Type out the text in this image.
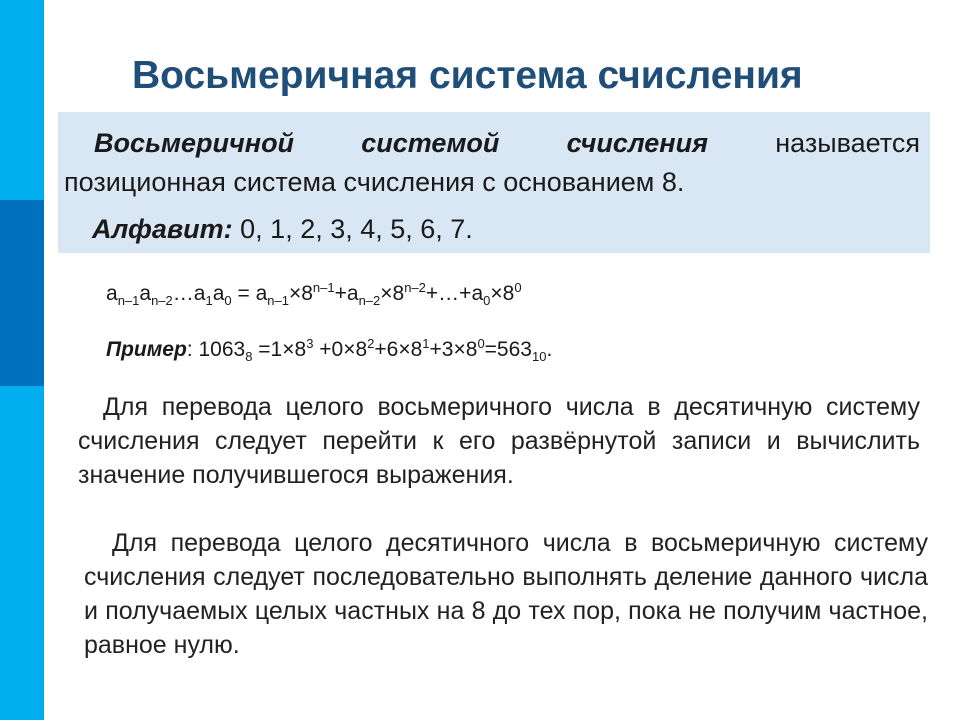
Восьмеричная система счисления

Восьмеричной системой счисления называется
позиционная система счисления с основанием 8.

Алфавит: 0, 1, 2, 3, 4, 5, 6, 7.

$a_{n-1}a_{n-2}\dots a_1a_0$ = $a_{n-1}\times 8^{n-1}+a_{n-2}\times 8^{n-2}+\dots+a_0\times 8^0$
Пример: $1063_8 =1\times 8^3 +0\times 8^2+6\times 8^1+3\times 8^0=563_{10}$.

Для перевода целого восьмеричного числа в десятичную систему счисления следует перейти к его развёрнутой записи и вычислить значение получившегося выражения.

Для перевода целого десятичного числа в восьмеричную систему счисления следует последовательно выполнять деление данного числа и получаемых целых частных на 8 до тех пор, пока не получим частное, равное нулю.
